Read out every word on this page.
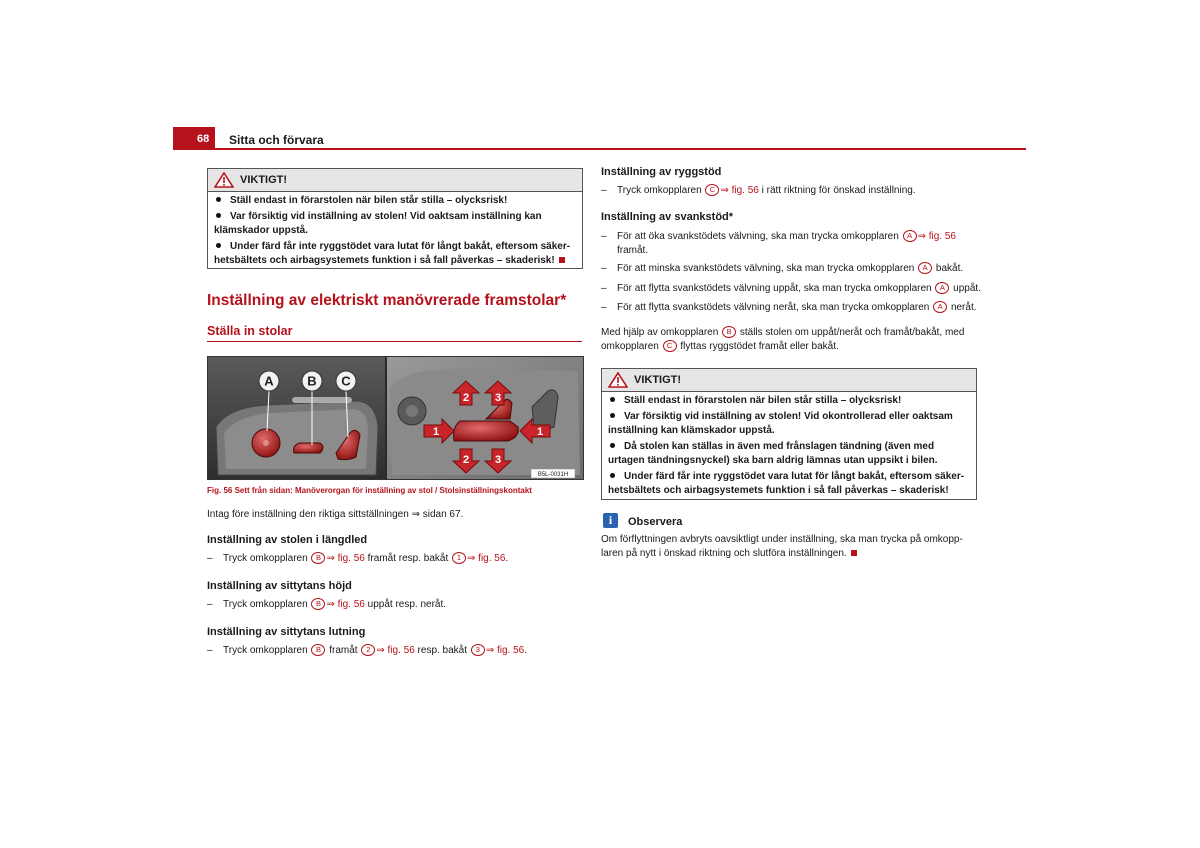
68 Sitta och förvara
VIKTIGT!
Ställ endast in förarstolen när bilen står stilla – olycksrisk!
Var försiktig vid inställning av stolen! Vid oaktsam inställning kan klämskador uppstå.
Under färd får inte ryggstödet vara lutat för långt bakåt, eftersom säker-hetsbältets och airbagsystemets funktion i så fall påverkas – skaderisk!
Inställning av elektriskt manövrerade framstolar*
Ställa in stolar
A	B C
2 3
1	1
2 3
B5L-0031H
Fig. 56 Sett från sidan: Manöverorgan för inställning av stol / Stolsinställningskontakt
Intag före inställning den riktiga sittställningen ⇒ sidan 67.
Inställning av stolen i längdled
– Tryck omkopplaren B ⇒ fig. 56 framåt resp. bakåt 1 ⇒ fig. 56.
Inställning av sittytans höjd
– Tryck omkopplaren B ⇒ fig. 56 uppåt resp. neråt.
Inställning av sittytans lutning
– Tryck omkopplaren B framåt 2 ⇒ fig. 56 resp. bakåt 3 ⇒ fig. 56.
Inställning av ryggstöd
– Tryck omkopplaren C ⇒ fig. 56 i rätt riktning för önskad inställning.
Inställning av svankstöd*
– För att öka svankstödets välvning, ska man trycka omkopplaren A ⇒ fig. 56
framåt.
– För att minska svankstödets välvning, ska man trycka omkopplaren A bakåt.
– För att flytta svankstödets välvning uppåt, ska man trycka omkopplaren A uppåt.
– För att flytta svankstödets välvning neråt, ska man trycka omkopplaren A neråt.
Med hjälp av omkopplaren B ställs stolen om uppåt/neråt och framåt/bakåt, med
omkopplaren C flyttas ryggstödet framåt eller bakåt.
VIKTIGT!
Ställ endast in förarstolen när bilen står stilla – olycksrisk!
Var försiktig vid inställning av stolen! Vid okontrollerad eller oaktsam inställning kan klämskador uppstå.
Då stolen kan ställas in även med frånslagen tändning (även med urtagen tändningsnyckel) ska barn aldrig lämnas utan uppsikt i bilen.
Under färd får inte ryggstödet vara lutat för långt bakåt, eftersom säker-hetsbältets och airbagsystemets funktion i så fall påverkas – skaderisk!
i	Observera
Om förflyttningen avbryts oavsiktligt under inställning, ska man trycka på omkopp-
laren på nytt i önskad riktning och slutföra inställningen.
